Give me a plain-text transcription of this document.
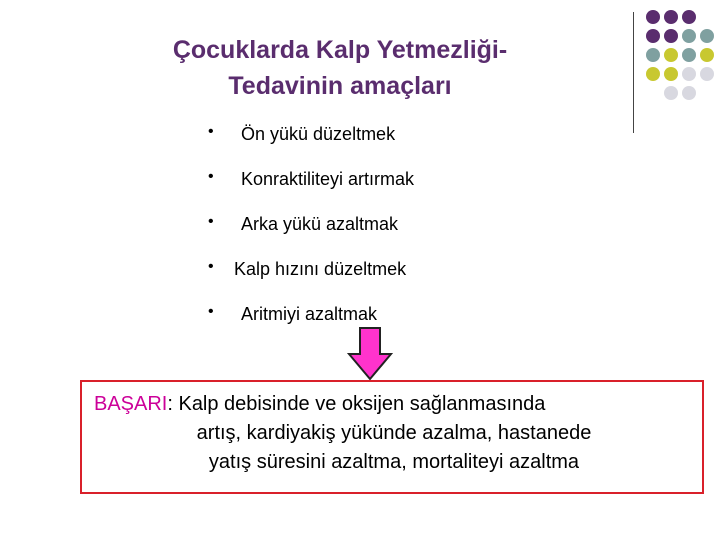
Çocuklarda Kalp Yetmezliği-
Tedavinin amaçları
• Ön yükü düzeltmek
• Konraktiliteyi artırmak
• Arka yükü azaltmak
• Kalp hızını düzeltmek
• Aritmiyi azaltmak

BAŞARI: Kalp debisinde ve oksijen sağlanmasında
artış, kardiyakiş yükünde azalma, hastanede
yatış süresini azaltma, mortaliteyi azaltma
